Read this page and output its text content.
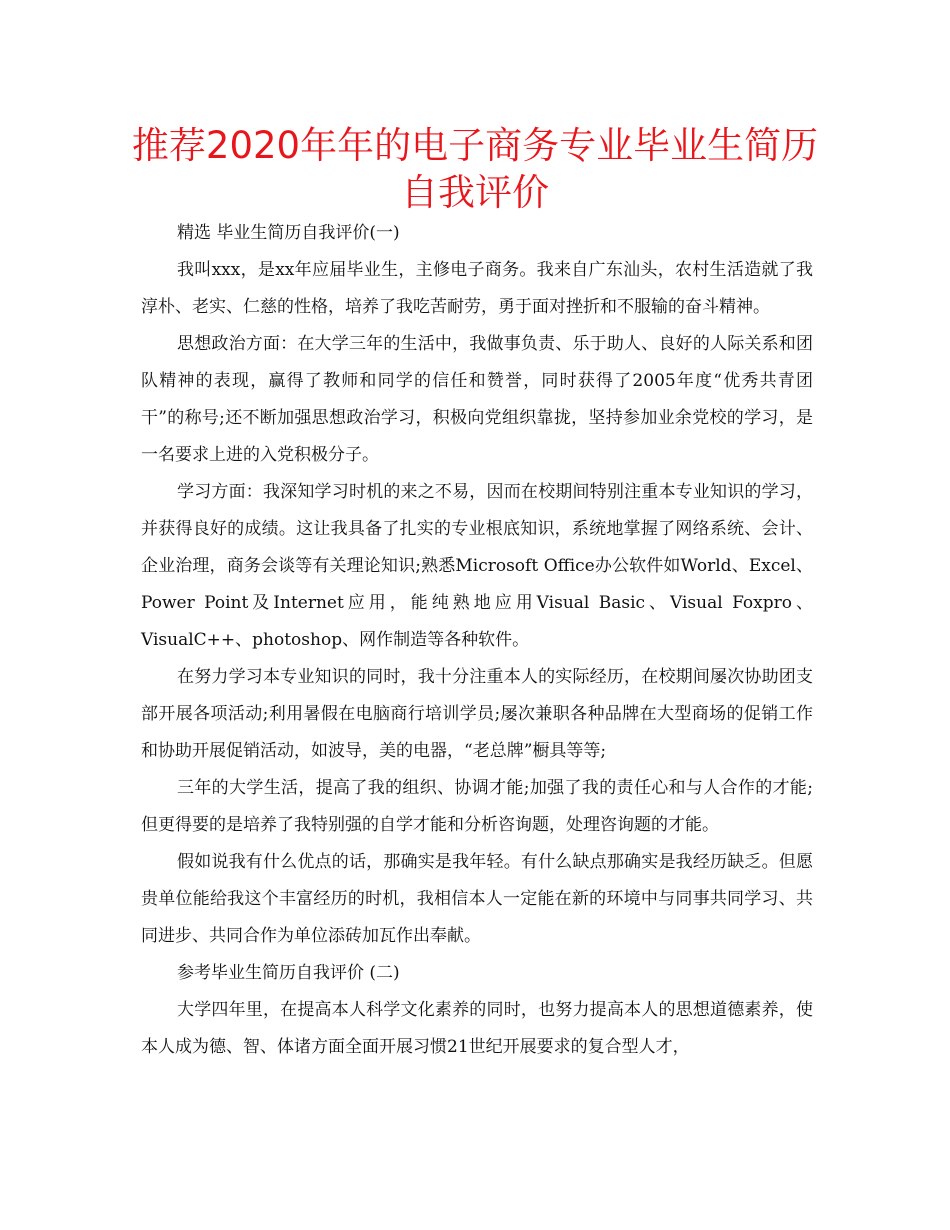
推荐2020年年的电子商务专业毕业生简历自我评价

精选 毕业生简历自我评价(一)

我叫xxx，是xx年应届毕业生，主修电子商务。我来自广东汕头，农村生活造就了我淳朴、老实、仁慈的性格，培养了我吃苦耐劳，勇于面对挫折和不服输的奋斗精神。

思想政治方面：在大学三年的生活中，我做事负责、乐于助人、良好的人际关系和团队精神的表现，赢得了教师和同学的信任和赞誉，同时获得了2005年度“优秀共青团干”的称号;还不断加强思想政治学习，积极向党组织靠拢，坚持参加业余党校的学习，是一名要求上进的入党积极分子。

学习方面：我深知学习时机的来之不易，因而在校期间特别注重本专业知识的学习，并获得良好的成绩。这让我具备了扎实的专业根底知识，系统地掌握了网络系统、会计、企业治理，商务会谈等有关理论知识;熟悉Microsoft Office办公软件如World、Excel、Power Point及Internet应用，能纯熟地应用Visual Basic、Visual Foxpro、VisualC++、photoshop、网作制造等各种软件。

在努力学习本专业知识的同时，我十分注重本人的实际经历，在校期间屡次协助团支部开展各项活动;利用暑假在电脑商行培训学员;屡次兼职各种品牌在大型商场的促销工作和协助开展促销活动，如波导，美的电器，“老总牌”橱具等等;

三年的大学生活，提高了我的组织、协调才能;加强了我的责任心和与人合作的才能;但更得要的是培养了我特别强的自学才能和分析咨询题，处理咨询题的才能。

假如说我有什么优点的话，那确实是我年轻。有什么缺点那确实是我经历缺乏。但愿贵单位能给我这个丰富经历的时机，我相信本人一定能在新的环境中与同事共同学习、共同进步、共同合作为单位添砖加瓦作出奉献。

参考毕业生简历自我评价 (二)

大学四年里，在提高本人科学文化素养的同时，也努力提高本人的思想道德素养，使本人成为德、智、体诸方面全面开展习惯21世纪开展要求的复合型人才，
